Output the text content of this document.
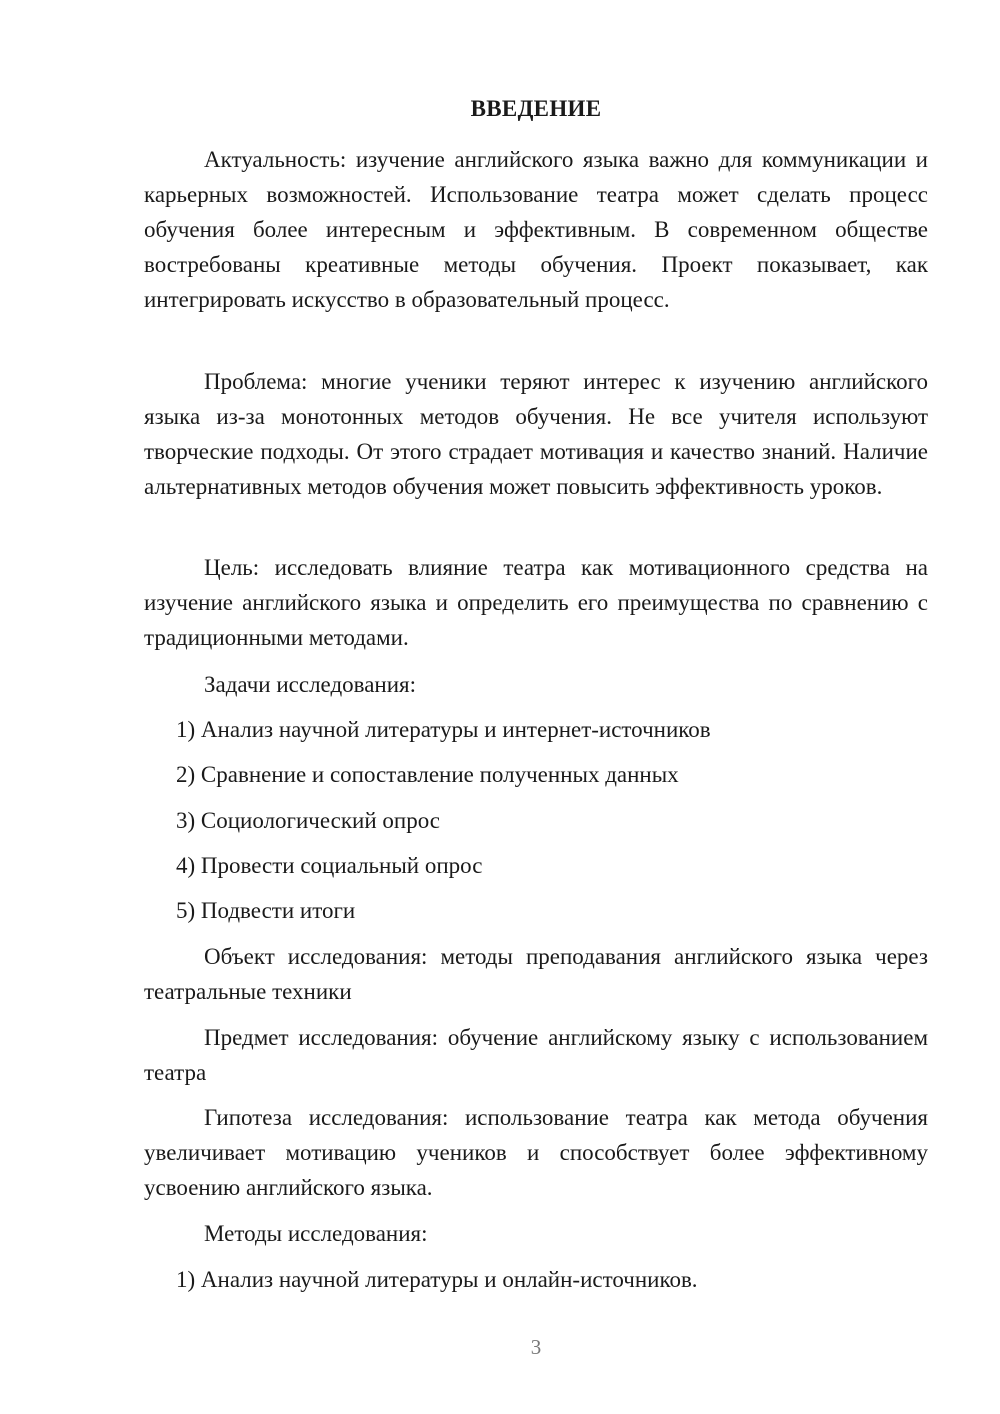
ВВЕДЕНИЕ

Актуальность: изучение английского языка важно для коммуникации и карьерных возможностей. Использование театра может сделать процесс обучения более интересным и эффективным. В современном обществе востребованы креативные методы обучения. Проект показывает, как интегрировать искусство в образовательный процесс.

Проблема: многие ученики теряют интерес к изучению английского языка из-за монотонных методов обучения. Не все учителя используют творческие подходы. От этого страдает мотивация и качество знаний. Наличие альтернативных методов обучения может повысить эффективность уроков.

Цель: исследовать влияние театра как мотивационного средства на изучение английского языка и определить его преимущества по сравнению с традиционными методами.

Задачи исследования:

1) Анализ научной литературы и интернет-источников

2) Сравнение и сопоставление полученных данных

3) Социологический опрос

4) Провести социальный опрос

5) Подвести итоги

Объект исследования: методы преподавания английского языка через театральные техники

Предмет исследования: обучение английскому языку с использованием театра

Гипотеза исследования: использование театра как метода обучения увеличивает мотивацию учеников и способствует более эффективному усвоению английского языка.

Методы исследования:

1) Анализ научной литературы и онлайн-источников.

3
